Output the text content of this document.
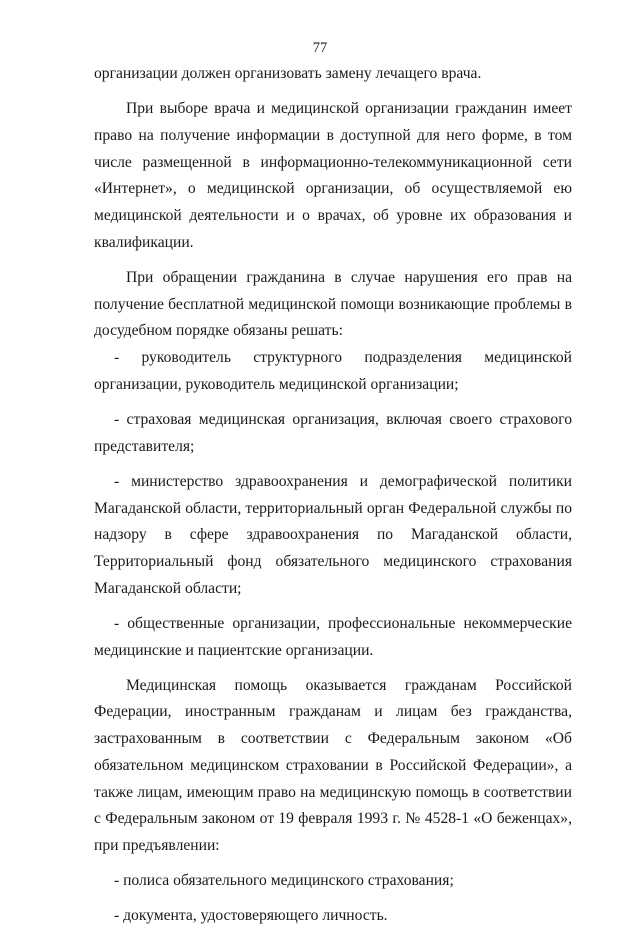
77

организации должен организовать замену лечащего врача.

При выборе врача и медицинской организации гражданин имеет право на получение информации в доступной для него форме, в том числе размещенной в информационно-телекоммуникационной сети «Интернет», о медицинской организации, об осуществляемой ею медицинской деятельности и о врачах, об уровне их образования и квалификации.

При обращении гражданина в случае нарушения его прав на получение бесплатной медицинской помощи возникающие проблемы в досудебном порядке обязаны решать:

- руководитель структурного подразделения медицинской организации, руководитель медицинской организации;

- страховая медицинская организация, включая своего страхового представителя;

- министерство здравоохранения и демографической политики Магаданской области, территориальный орган Федеральной службы по надзору в сфере здравоохранения по Магаданской области, Территориальный фонд обязательного медицинского страхования Магаданской области;

- общественные организации, профессиональные некоммерческие медицинские и пациентские организации.

Медицинская помощь оказывается гражданам Российской Федерации, иностранным гражданам и лицам без гражданства, застрахованным в соответствии с Федеральным законом «Об обязательном медицинском страховании в Российской Федерации», а также лицам, имеющим право на медицинскую помощь в соответствии с Федеральным законом от 19 февраля 1993 г. № 4528-1 «О беженцах», при предъявлении:

- полиса обязательного медицинского страхования;

- документа, удостоверяющего личность.
